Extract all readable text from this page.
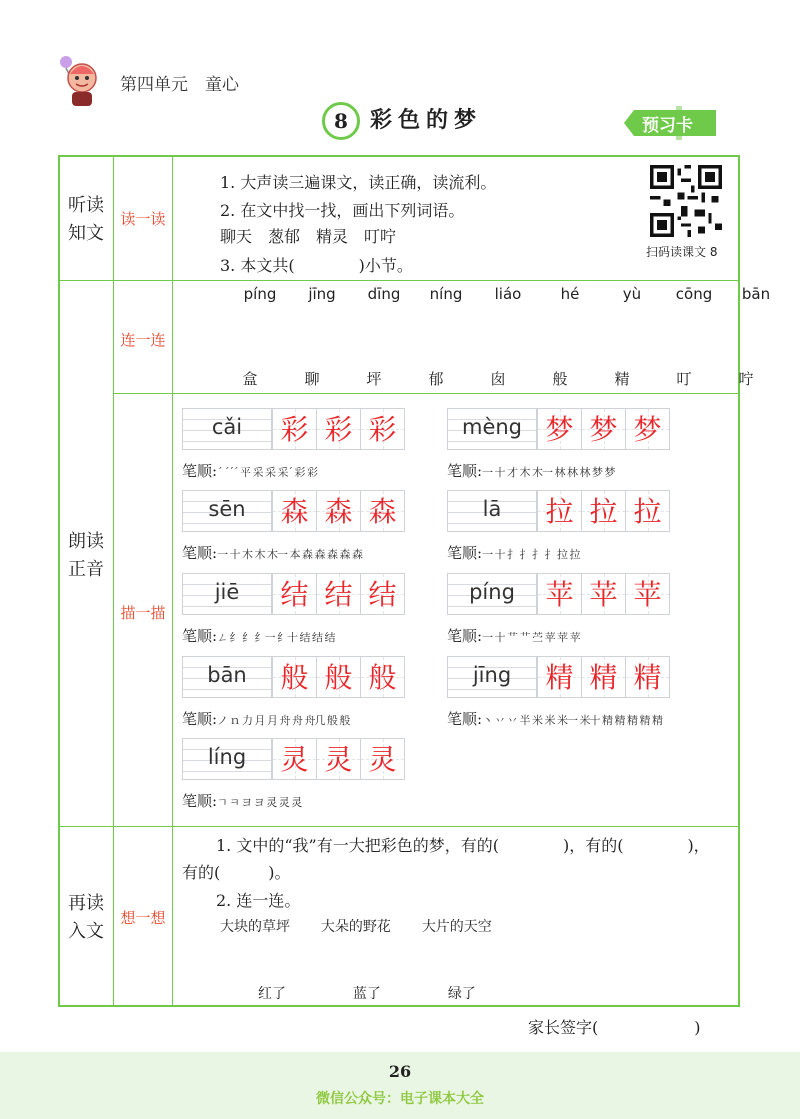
第四单元　童心
8	彩色的梦	预习卡
听读
知文
读一读
1. 大声读三遍课文，读正确，读流利。
2. 在文中找一找，画出下列词语。
聊天　葱郁　精灵　叮咛
3. 本文共(　　　　)小节。
扫码读课文 8
朗读
正音
连一连
描一描
píng jīng dīng níng liáo	hé	yù cōng bān
盒	聊	坪	郁	囱	般	精	叮	咛
cǎi	彩 彩 彩
笔顺:ˊ ˊˊˊ 平 采 采 采ˊ 彩 彩
mèng 梦 梦 梦
笔顺:一 十 才 木 木一 林 林 林 梦 梦
sēn	森 森 森
笔顺:一 十 木 木 木一 本 森 森 森 森 森
lā	拉 拉 拉
笔顺:一 十 扌 扌 扌 扌 拉 拉
jiē	结 结 结
笔顺:ㄥ 纟 纟 纟一 纟十 结 结 结
píng	苹 苹 苹
笔顺:一 十 艹 艹 苎 苹 苹 苹
bān	般 般 般
笔顺:ノ ｎ 力 月 月 舟 舟 舟几 般 般
jīng	精 精 精
笔顺:丶 丷 丷 半 米 米 米一 米十 精 精 精 精 精
líng	灵 灵 灵
笔顺:ㄱ ㅋ ヨ ヨ 灵 灵 灵
再读
入文
想一想
1. 文中的“我”有一大把彩色的梦，有的(　　　　)，有的(　　　　)，
有的(　　　)。
2. 连一连。
大块的草坪 大朵的野花 大片的天空
红了	蓝了	绿了
家长签字(　　　　　　)
26
微信公众号：电子课本大全
